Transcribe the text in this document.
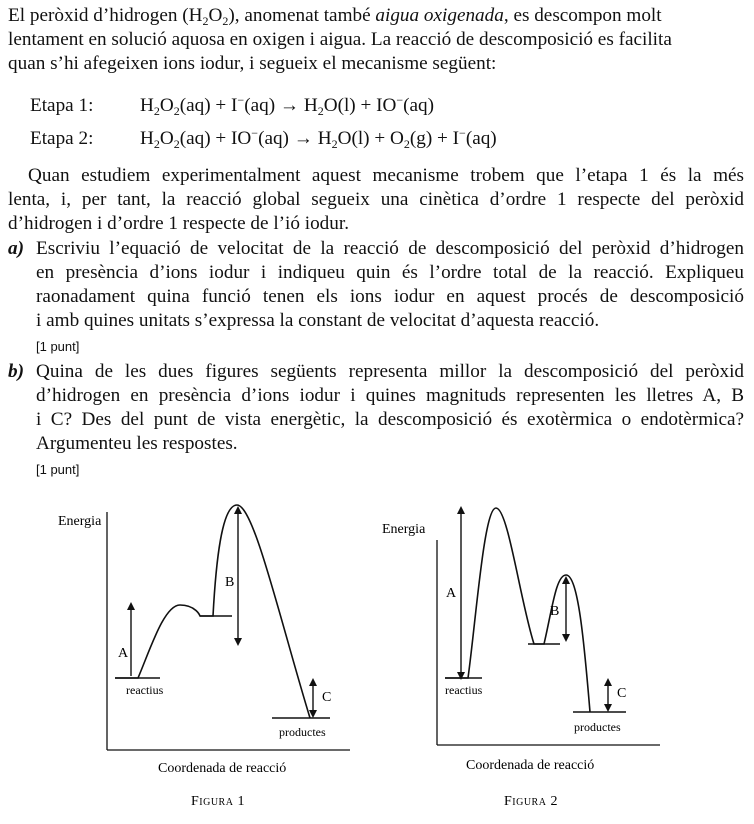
El peròxid d’hidrogen $(H_2O_2)$, anomenat també aigua oxigenada, es descompon molt
lentament en solució aquosa en oxigen i aigua. La reacció de descomposició es facilita
quan s’hi afegeixen ions iodur, i segueix el mecanisme següent:
Etapa 1: $H_2O_2(aq) + I^-(aq) \to H_2O(l) + IO^-(aq)$
Etapa 2: $H_2O_2(aq) + IO^-(aq) \to H_2O(l) + O_2(g) + I^-(aq)$
Quan estudiem experimentalment aquest mecanisme trobem que l’etapa 1 és la més
lenta, i, per tant, la reacció global segueix una cinètica d’ordre 1 respecte del peròxid
d’hidrogen i d’ordre 1 respecte de l’ió iodur.
a) Escriviu l’equació de velocitat de la reacció de descomposició del peròxid d’hidrogen
en presència d’ions iodur i indiqueu quin és l’ordre total de la reacció. Expliqueu
raonadament quina funció tenen els ions iodur en aquest procés de descomposició
i amb quines unitats s’expressa la constant de velocitat d’aquesta reacció.
[1 punt]
b) Quina de les dues figures següents representa millor la descomposició del peròxid
d’hidrogen en presència d’ions iodur i quines magnituds representen les lletres A, B
i C? Des del punt de vista energètic, la descomposició és exotèrmica o endotèrmica?
Argumenteu les respostes.
[1 punt]
Energia
Coordenada de reacció
A
B
C
reactius
productes
Figura 1
Energia
Coordenada de reacció
A
B
C
reactius
productes
Figura 2
